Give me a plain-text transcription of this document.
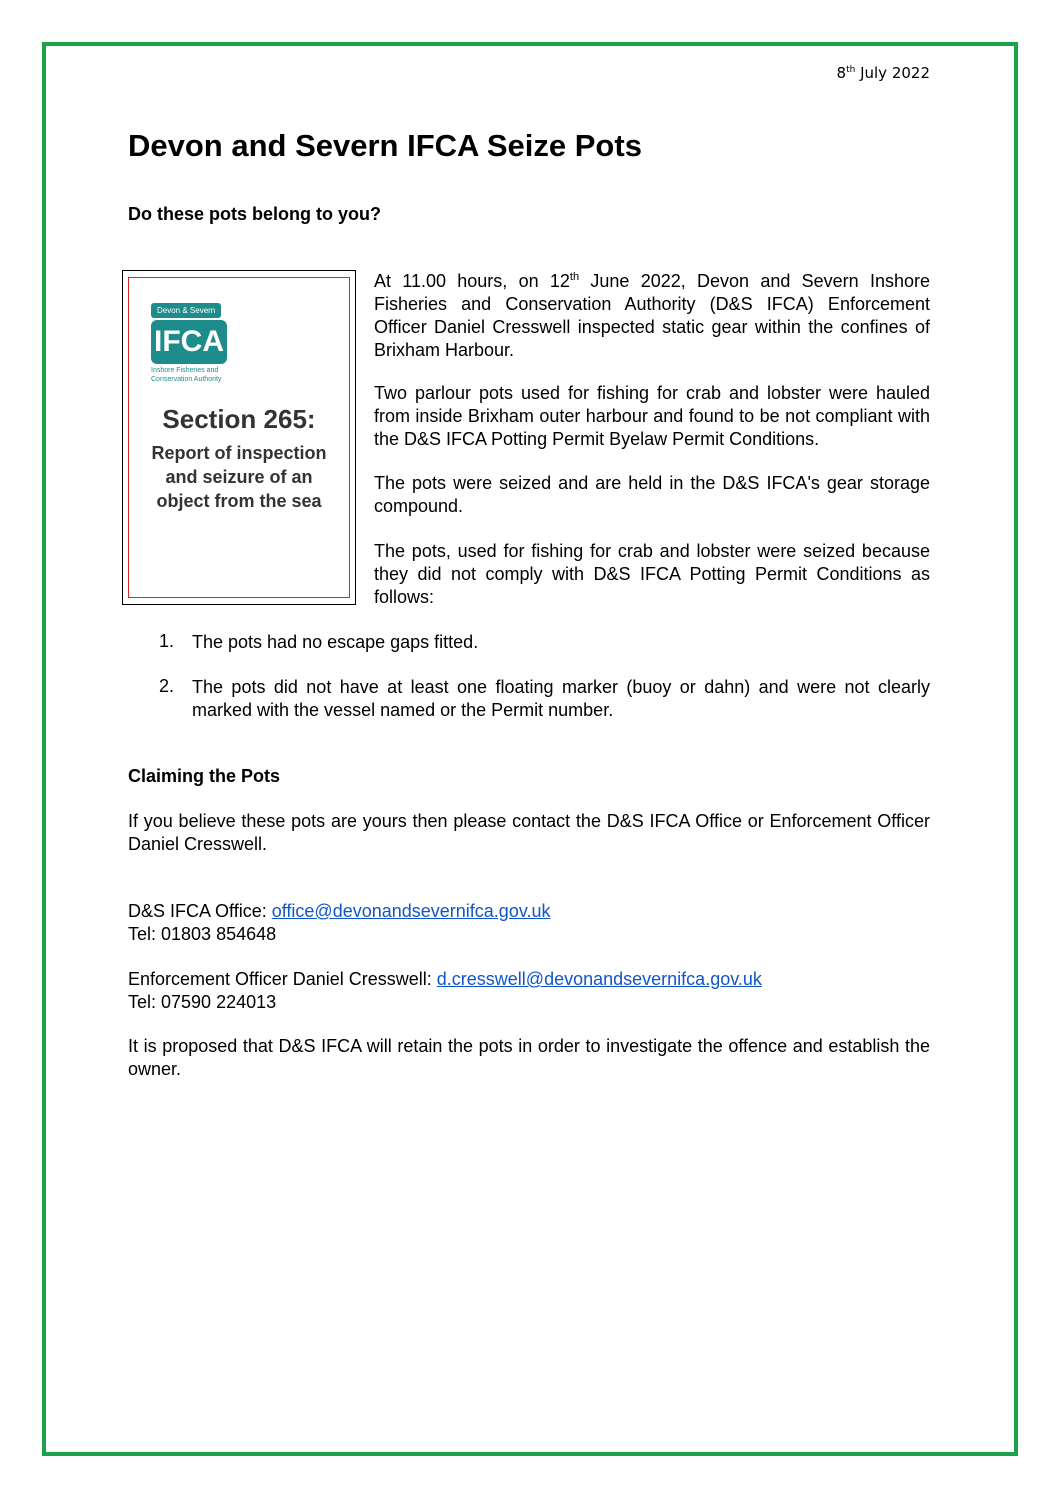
8th July 2022
Devon and Severn IFCA Seize Pots

Do these pots belong to you?

Devon & Severn
IFCA
Inshore Fisheries and Conservation Authority
Section 265:
Report of inspection and seizure of an object from the sea

At 11.00 hours, on 12th June 2022, Devon and Severn Inshore Fisheries and Conservation Authority (D&S IFCA) Enforcement Officer Daniel Cresswell inspected static gear within the confines of Brixham Harbour.

Two parlour pots used for fishing for crab and lobster were hauled from inside Brixham outer harbour and found to be not compliant with the D&S IFCA Potting Permit Byelaw Permit Conditions.

The pots were seized and are held in the D&S IFCA's gear storage compound.

The pots, used for fishing for crab and lobster were seized because they did not comply with D&S IFCA Potting Permit Conditions as follows:

1. The pots had no escape gaps fitted.

2. The pots did not have at least one floating marker (buoy or dahn) and were not clearly marked with the vessel named or the Permit number.

Claiming the Pots

If you believe these pots are yours then please contact the D&S IFCA Office or Enforcement Officer Daniel Cresswell.

D&S IFCA Office: office@devonandsevernifca.gov.uk
Tel: 01803 854648

Enforcement Officer Daniel Cresswell: d.cresswell@devonandsevernifca.gov.uk
Tel: 07590 224013

It is proposed that D&S IFCA will retain the pots in order to investigate the offence and establish the owner.
